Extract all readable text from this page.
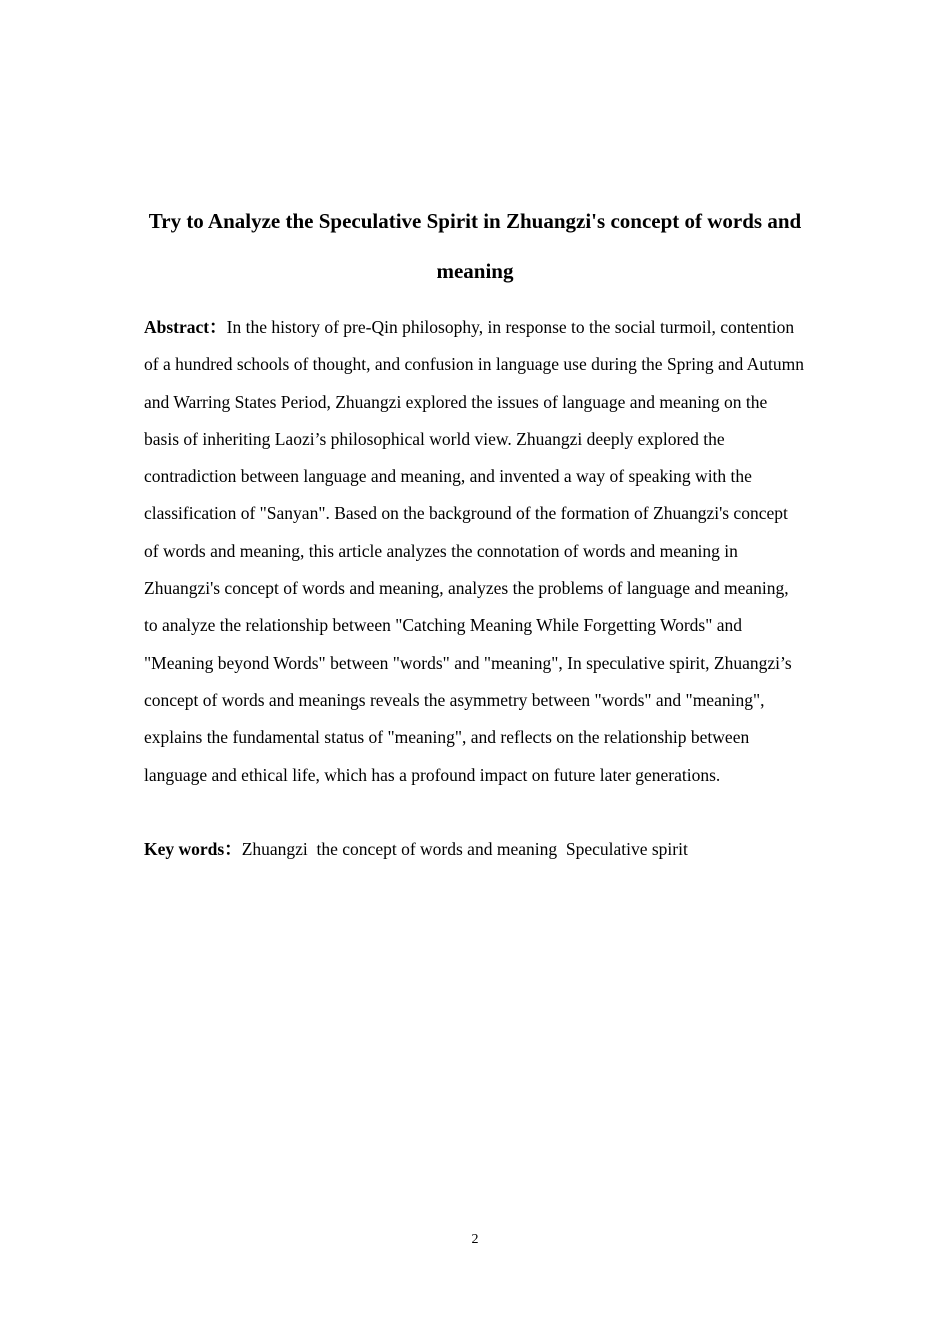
Try to Analyze the Speculative Spirit in Zhuangzi's concept of words and meaning

Abstract：In the history of pre-Qin philosophy, in response to the social turmoil, contention of a hundred schools of thought, and confusion in language use during the Spring and Autumn and Warring States Period, Zhuangzi explored the issues of language and meaning on the basis of inheriting Laozi’s philosophical world view. Zhuangzi deeply explored the contradiction between language and meaning, and invented a way of speaking with the classification of "Sanyan". Based on the background of the formation of Zhuangzi's concept of words and meaning, this article analyzes the connotation of words and meaning in Zhuangzi's concept of words and meaning, analyzes the problems of language and meaning, to analyze the relationship between "Catching Meaning While Forgetting Words" and "Meaning beyond Words" between "words" and "meaning", In speculative spirit, Zhuangzi’s concept of words and meanings reveals the asymmetry between "words" and "meaning", explains the fundamental status of "meaning", and reflects on the relationship between language and ethical life, which has a profound impact on future later generations.

Key words：Zhuangzi  the concept of words and meaning  Speculative spirit

2
